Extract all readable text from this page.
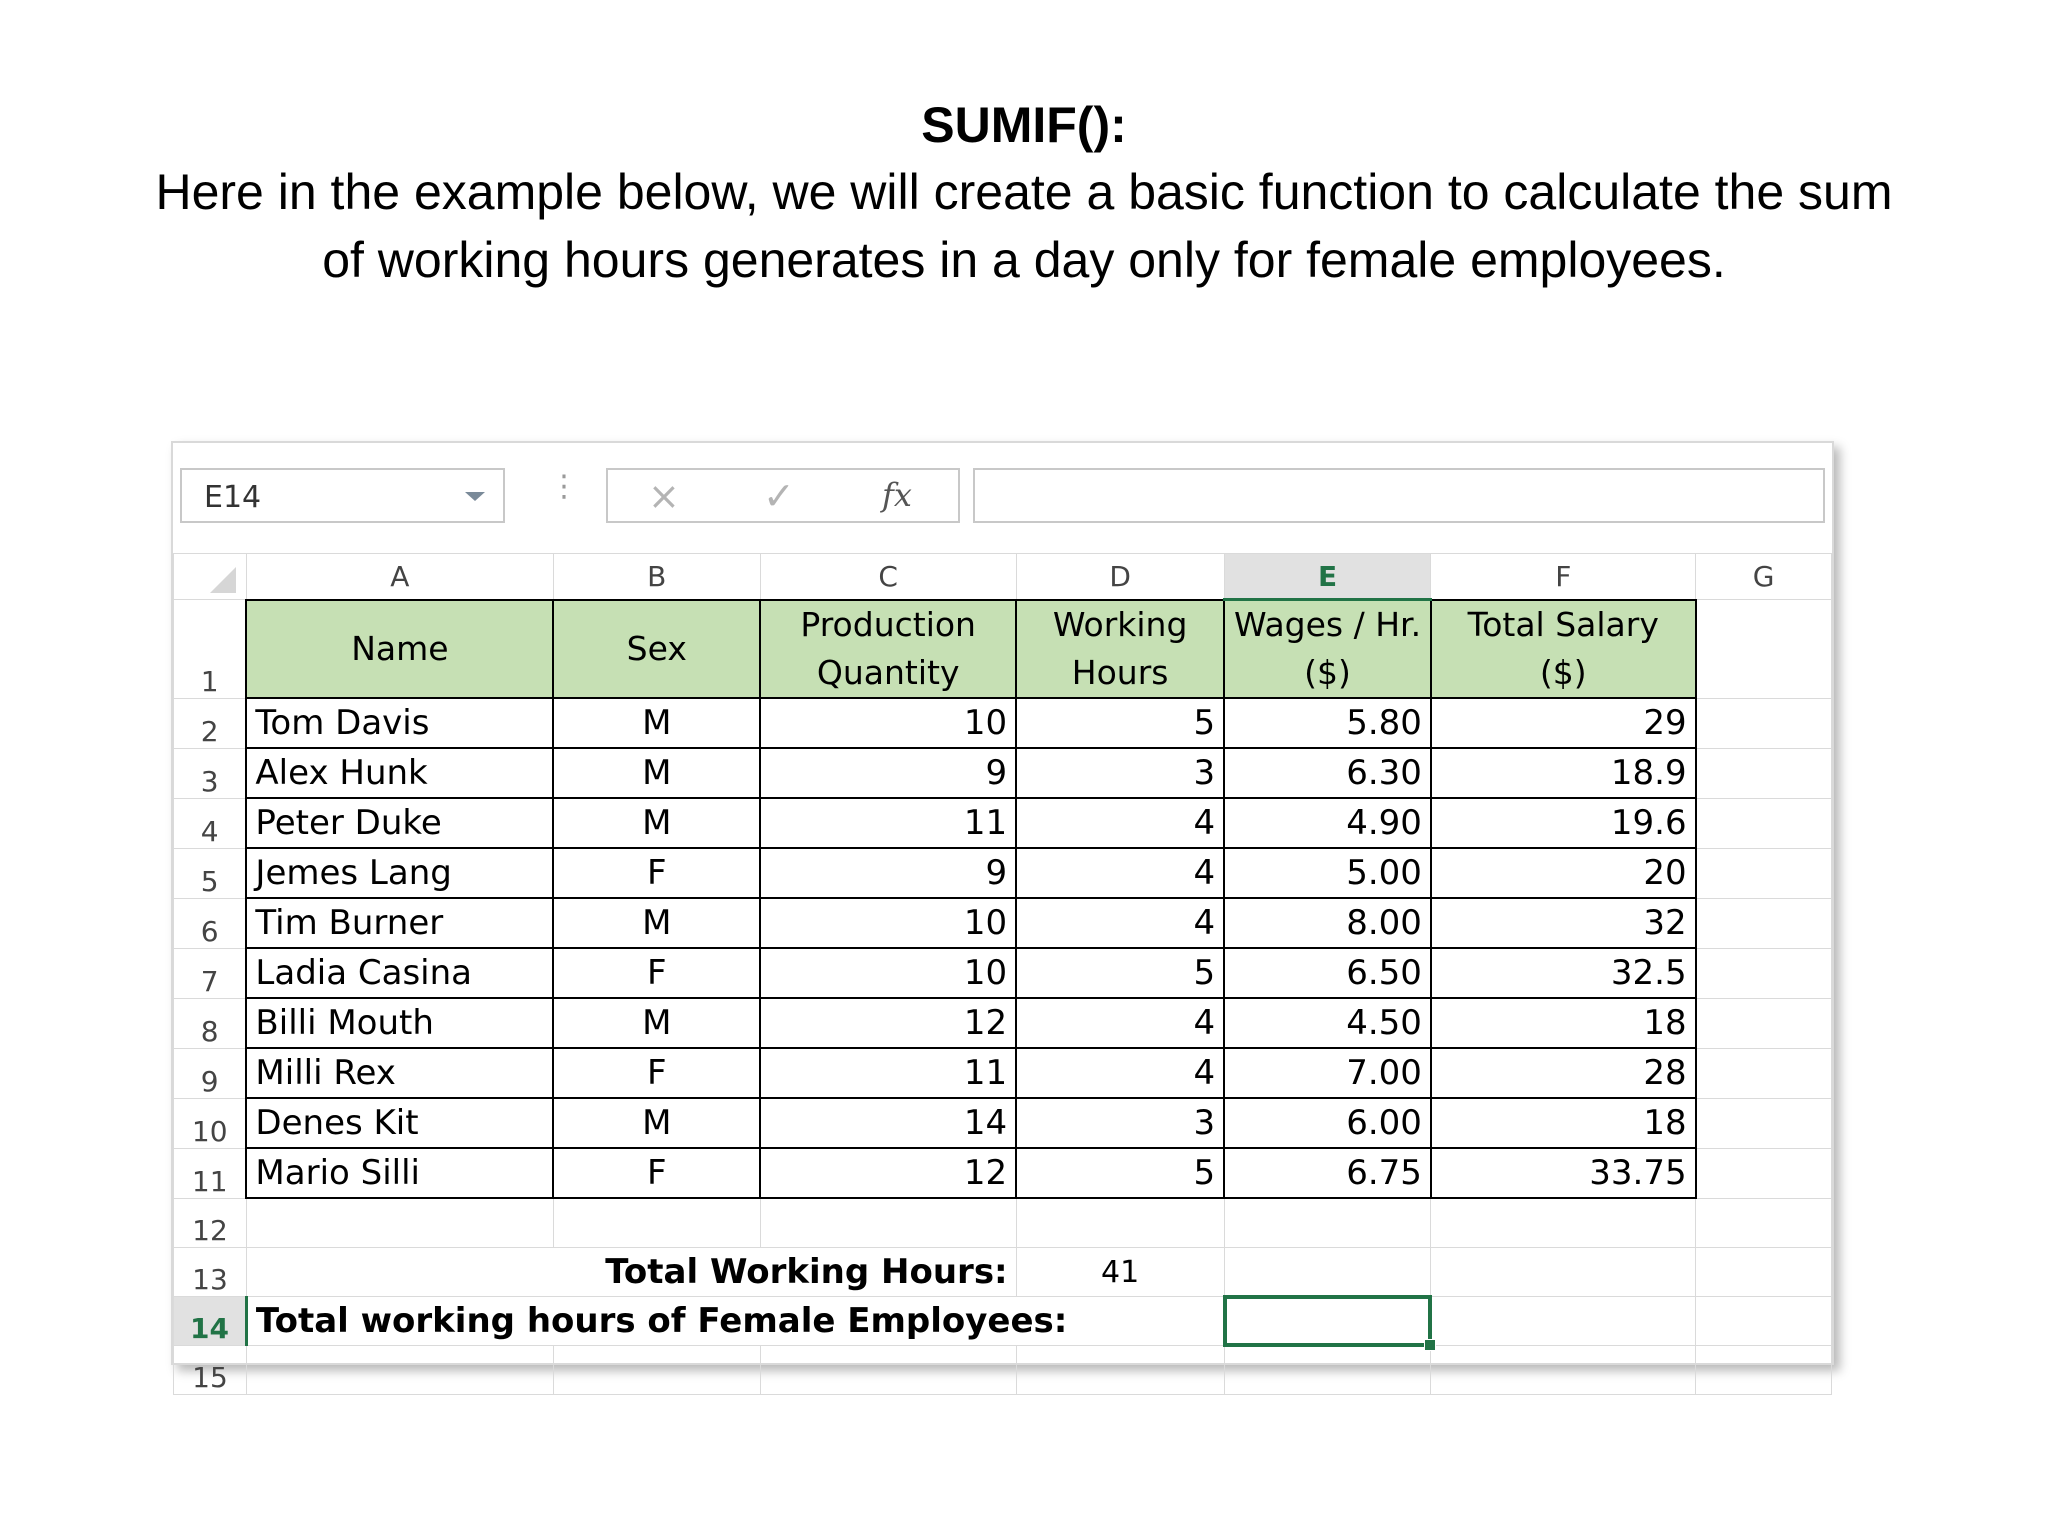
SUMIF():
Here in the example below, we will create a basic function to calculate the sum of working hours generates in a day only for female employees.
E14	⋮ × ✓	fx
	A	B	C	D	E	F	G
1	Name	Sex	Production Quantity	Working Hours	Wages / Hr. ($)	Total Salary ($)	
2	Tom Davis	M	10	5	5.80	29	
3	Alex Hunk	M	9	3	6.30	18.9	
4	Peter Duke	M	11	4	4.90	19.6	
5	Jemes Lang	F	9	4	5.00	20	
6	Tim Burner	M	10	4	8.00	32	
7	Ladia Casina	F	10	5	6.50	32.5	
8	Billi Mouth	M	12	4	4.50	18	
9	Milli Rex	F	11	4	7.00	28	
10	Denes Kit	M	14	3	6.00	18	
11	Mario Silli	F	12	5	6.75	33.75	
12							
13	Total Working Hours:			41			
14	Total working hours of Female Employees:				

15							
